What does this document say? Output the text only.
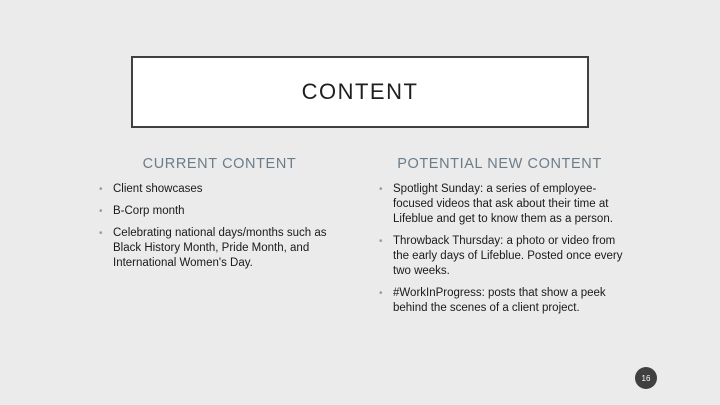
CONTENT
CURRENT CONTENT
• Client showcases
• B-Corp month
• Celebrating national days/months such as Black History Month, Pride Month, and International Women's Day.
POTENTIAL NEW CONTENT
• Spotlight Sunday: a series of employee-focused videos that ask about their time at Lifeblue and get to know them as a person.
• Throwback Thursday: a photo or video from the early days of Lifeblue. Posted once every two weeks.
• #WorkInProgress: posts that show a peek behind the scenes of a client project.
16
